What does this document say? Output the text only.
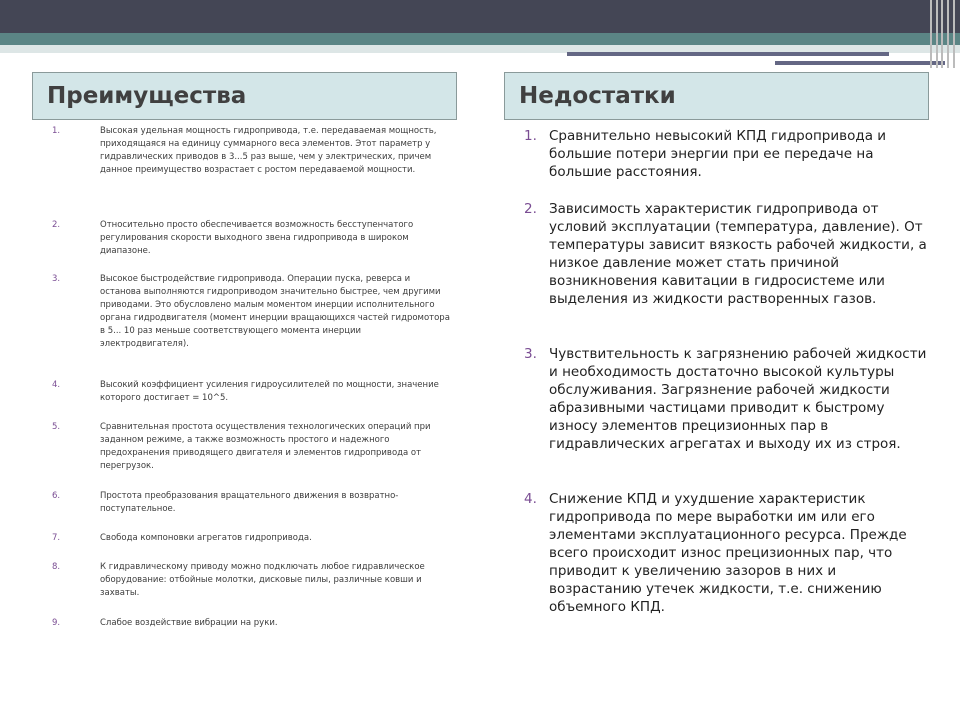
Преимущества	Недостатки
1.	Высокая удельная мощность гидропривода, т.е. передаваемая мощность, приходящаяся на единицу суммарного веса элементов. Этот параметр у гидравлических приводов в 3...5 раз выше, чем у электрических, причем данное преимущество возрастает с ростом передаваемой мощности.
2.	Относительно просто обеспечивается возможность бесступенчатого регулирования скорости выходного звена гидропривода в широком диапазоне.
3.	Высокое быстродействие гидропривода. Операции пуска, реверса и останова выполняются гидроприводом значительно быстрее, чем другими приводами. Это обусловлено малым моментом инерции исполнительного органа гидродвигателя (момент инерции вращающихся частей гидромотора в 5... 10 раз меньше соответствующего момента инерции электродвигателя).
4.	Высокий коэффициент усиления гидроусилителей по мощности, значение которого достигает = 10^5.
5.	Сравнительная простота осуществления технологических операций при заданном режиме, а также возможность простого и надежного предохранения приводящего двигателя и элементов гидропривода от перегрузок.
6.	Простота преобразования вращательного движения в возвратно-поступательное.
7.	Свобода компоновки агрегатов гидропривода.
8.	К гидравлическому приводу можно подключать любое гидравлическое оборудование: отбойные молотки, дисковые пилы, различные ковши и захваты.
9.	Слабое воздействие вибрации на руки.
1. Сравнительно невысокий КПД гидропривода и большие потери энергии при ее передаче на большие расстояния.
2. Зависимость характеристик гидропривода от условий эксплуатации (температура, давление). От температуры зависит вязкость рабочей жидкости, а низкое давление может стать причиной возникновения кавитации в гидросистеме или выделения из жидкости растворенных газов.
3. Чувствительность к загрязнению рабочей жидкости и необходимость достаточно высокой культуры обслуживания. Загрязнение рабочей жидкости абразивными частицами приводит к быстрому износу элементов прецизионных пар в гидравлических агрегатах и выходу их из строя.
4. Снижение КПД и ухудшение характеристик гидропривода по мере выработки им или его элементами эксплуатационного ресурса. Прежде всего происходит износ прецизионных пар, что приводит к увеличению зазоров в них и возрастанию утечек жидкости, т.е. снижению объемного КПД.
